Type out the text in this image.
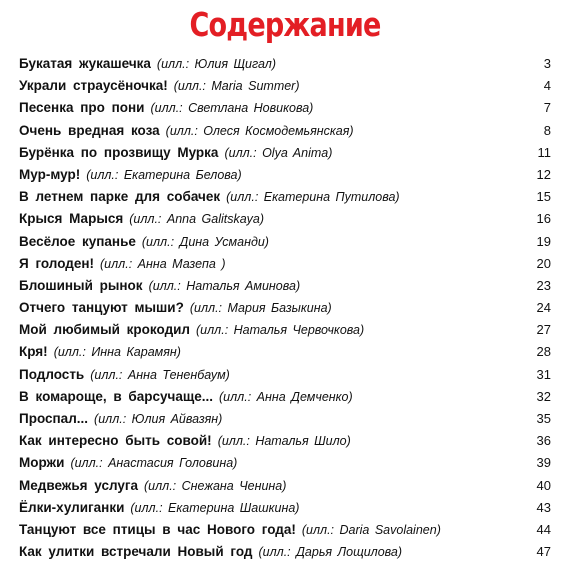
Содержание
Букатая жукашечка (илл.: Юлия Щигал)	3
Украли страусёночка! (илл.: Maria Summer)	4
Песенка про пони (илл.: Светлана Новикова)	7
Очень вредная коза (илл.: Олеся Космодемьянская)	8
Бурёнка по прозвищу Мурка (илл.: Olya Anima)	11
Мур-мур! (илл.: Екатерина Белова)	12
В летнем парке для собачек (илл.: Екатерина Путилова)	15
Крыся Марыся (илл.: Anna Galitskaya)	16
Весёлое купанье (илл.: Дина Усманди)	19
Я голоден! (илл.: Анна Мазепа )	20
Блошиный рынок (илл.: Наталья Аминова)	23
Отчего танцуют мыши? (илл.: Мария Базыкина)	24
Мой любимый крокодил (илл.: Наталья Червочкова)	27
Кря! (илл.: Инна Карамян)	28
Подлость (илл.: Анна Тененбаум)	31
В комароще, в барсучаще... (илл.: Анна Демченко)	32
Проспал... (илл.: Юлия Айвазян)	35
Как интересно быть совой! (илл.: Наталья Шило)	36
Моржи (илл.: Анастасия Головина)	39
Медвежья услуга (илл.: Снежана Ченина)	40
Ёлки-хулиганки (илл.: Екатерина Шашкина)	43
Танцуют все птицы в час Нового года! (илл.: Daria Savolainen)	44
Как улитки встречали Новый год (илл.: Дарья Лощилова)	47
